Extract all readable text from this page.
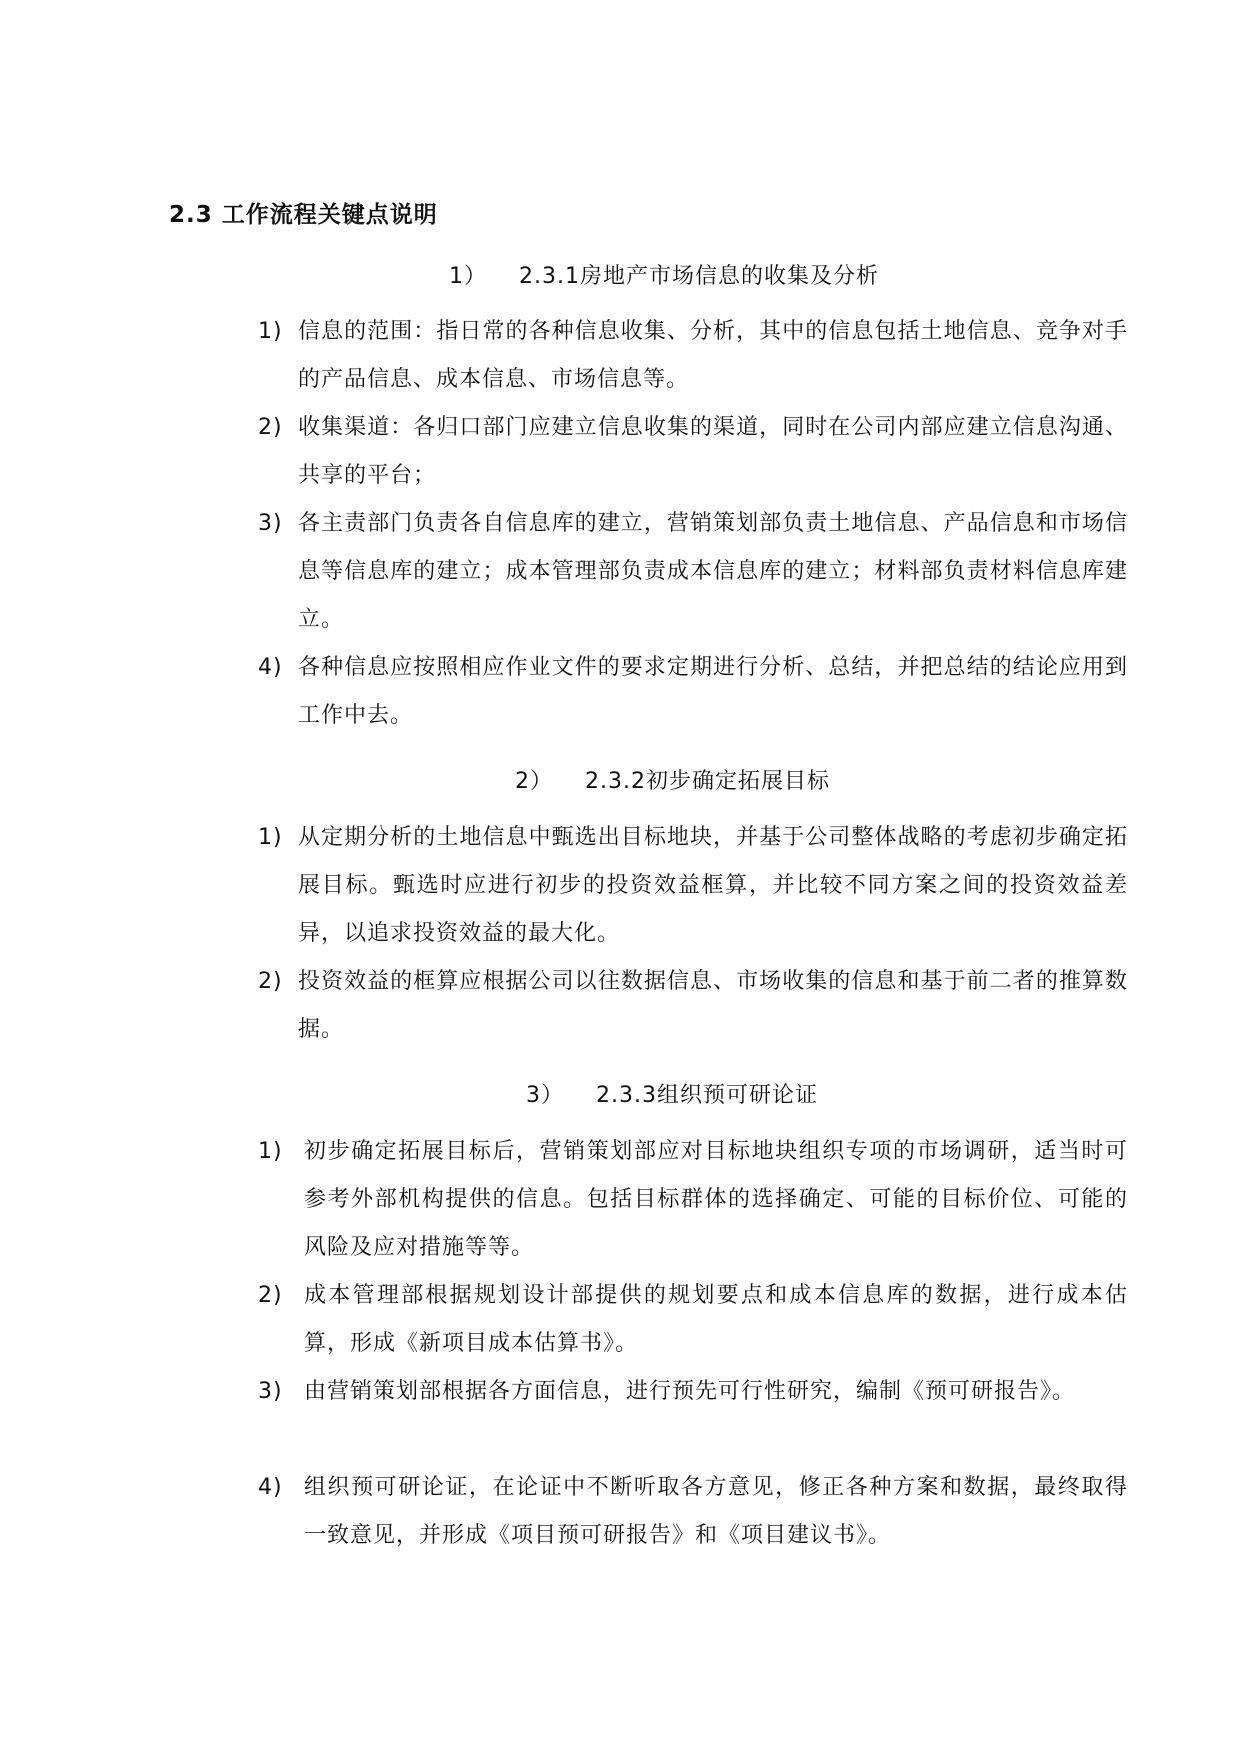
2.3 工作流程关键点说明
1） 2.3.1房地产市场信息的收集及分析
1) 信息的范围：指日常的各种信息收集、分析，其中的信息包括土地信息、竞争对手的产品信息、成本信息、市场信息等。
2) 收集渠道：各归口部门应建立信息收集的渠道，同时在公司内部应建立信息沟通、共享的平台；
3) 各主责部门负责各自信息库的建立，营销策划部负责土地信息、产品信息和市场信息等信息库的建立；成本管理部负责成本信息库的建立；材料部负责材料信息库建立。
4) 各种信息应按照相应作业文件的要求定期进行分析、总结，并把总结的结论应用到工作中去。
2） 2.3.2初步确定拓展目标
1) 从定期分析的土地信息中甄选出目标地块，并基于公司整体战略的考虑初步确定拓展目标。甄选时应进行初步的投资效益框算，并比较不同方案之间的投资效益差异，以追求投资效益的最大化。
2) 投资效益的框算应根据公司以往数据信息、市场收集的信息和基于前二者的推算数据。
3） 2.3.3组织预可研论证
1) 初步确定拓展目标后，营销策划部应对目标地块组织专项的市场调研，适当时可参考外部机构提供的信息。包括目标群体的选择确定、可能的目标价位、可能的风险及应对措施等等。
2) 成本管理部根据规划设计部提供的规划要点和成本信息库的数据，进行成本估算，形成《新项目成本估算书》。
3) 由营销策划部根据各方面信息，进行预先可行性研究，编制《预可研报告》。
4) 组织预可研论证，在论证中不断听取各方意见，修正各种方案和数据，最终取得一致意见，并形成《项目预可研报告》和《项目建议书》。
